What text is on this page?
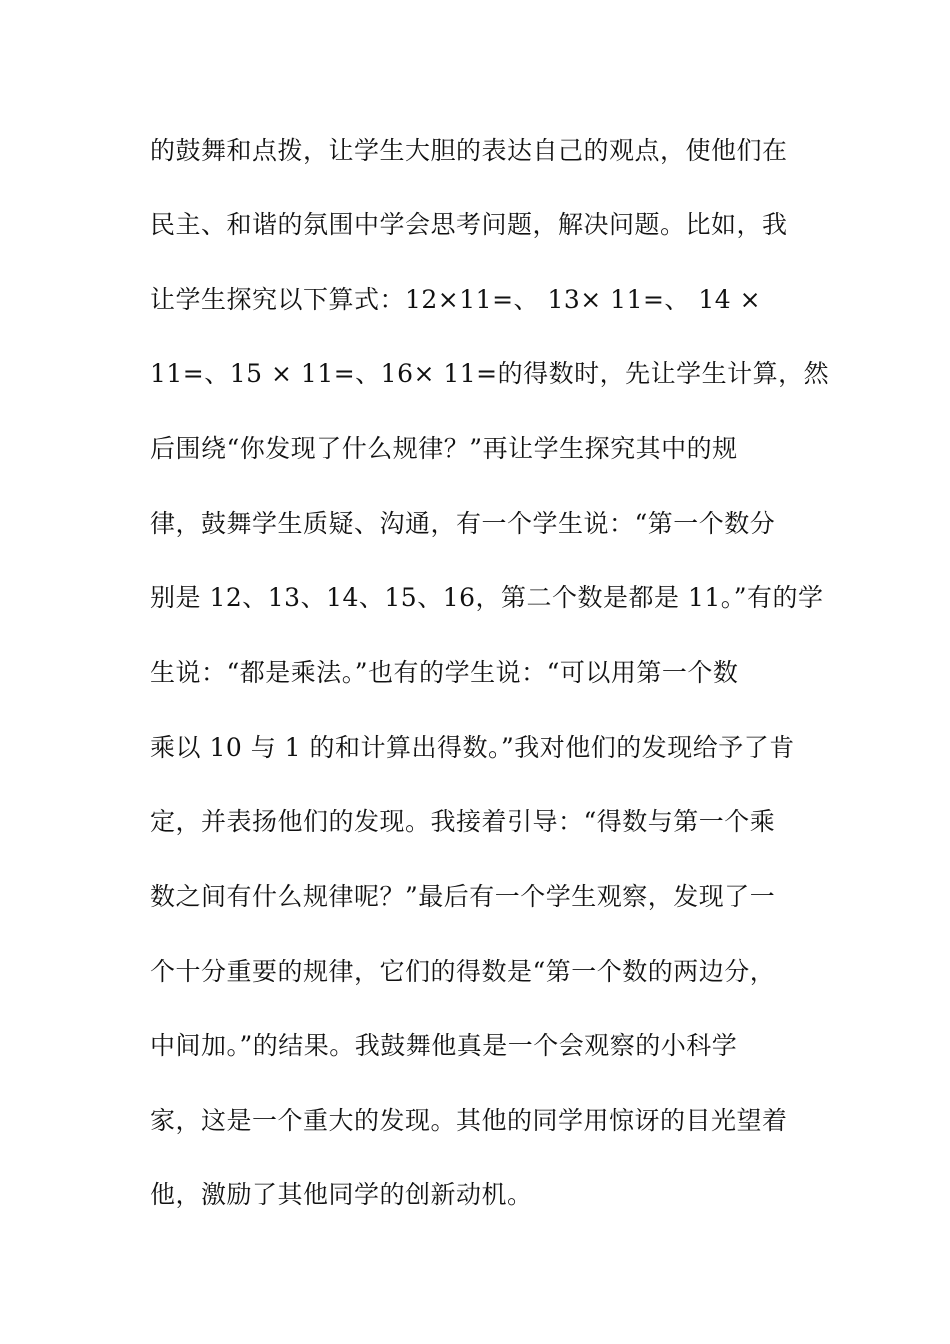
的鼓舞和点拨，让学生大胆的表达自己的观点，使他们在
民主、和谐的氛围中学会思考问题，解决问题。比如，我
让学生探究以下算式：12×11=、 13× 11=、 14 ×
11=、15 × 11=、16× 11=的得数时，先让学生计算，然
后围绕“你发现了什么规律？”再让学生探究其中的规
律，鼓舞学生质疑、沟通，有一个学生说：“第一个数分
别是 12、13、14、15、16，第二个数是都是 11。”有的学
生说：“都是乘法。”也有的学生说：“可以用第一个数
乘以 10 与 1 的和计算出得数。”我对他们的发现给予了肯
定，并表扬他们的发现。我接着引导：“得数与第一个乘
数之间有什么规律呢？”最后有一个学生观察，发现了一
个十分重要的规律，它们的得数是“第一个数的两边分，
中间加。”的结果。我鼓舞他真是一个会观察的小科学
家，这是一个重大的发现。其他的同学用惊讶的目光望着
他，激励了其他同学的创新动机。
